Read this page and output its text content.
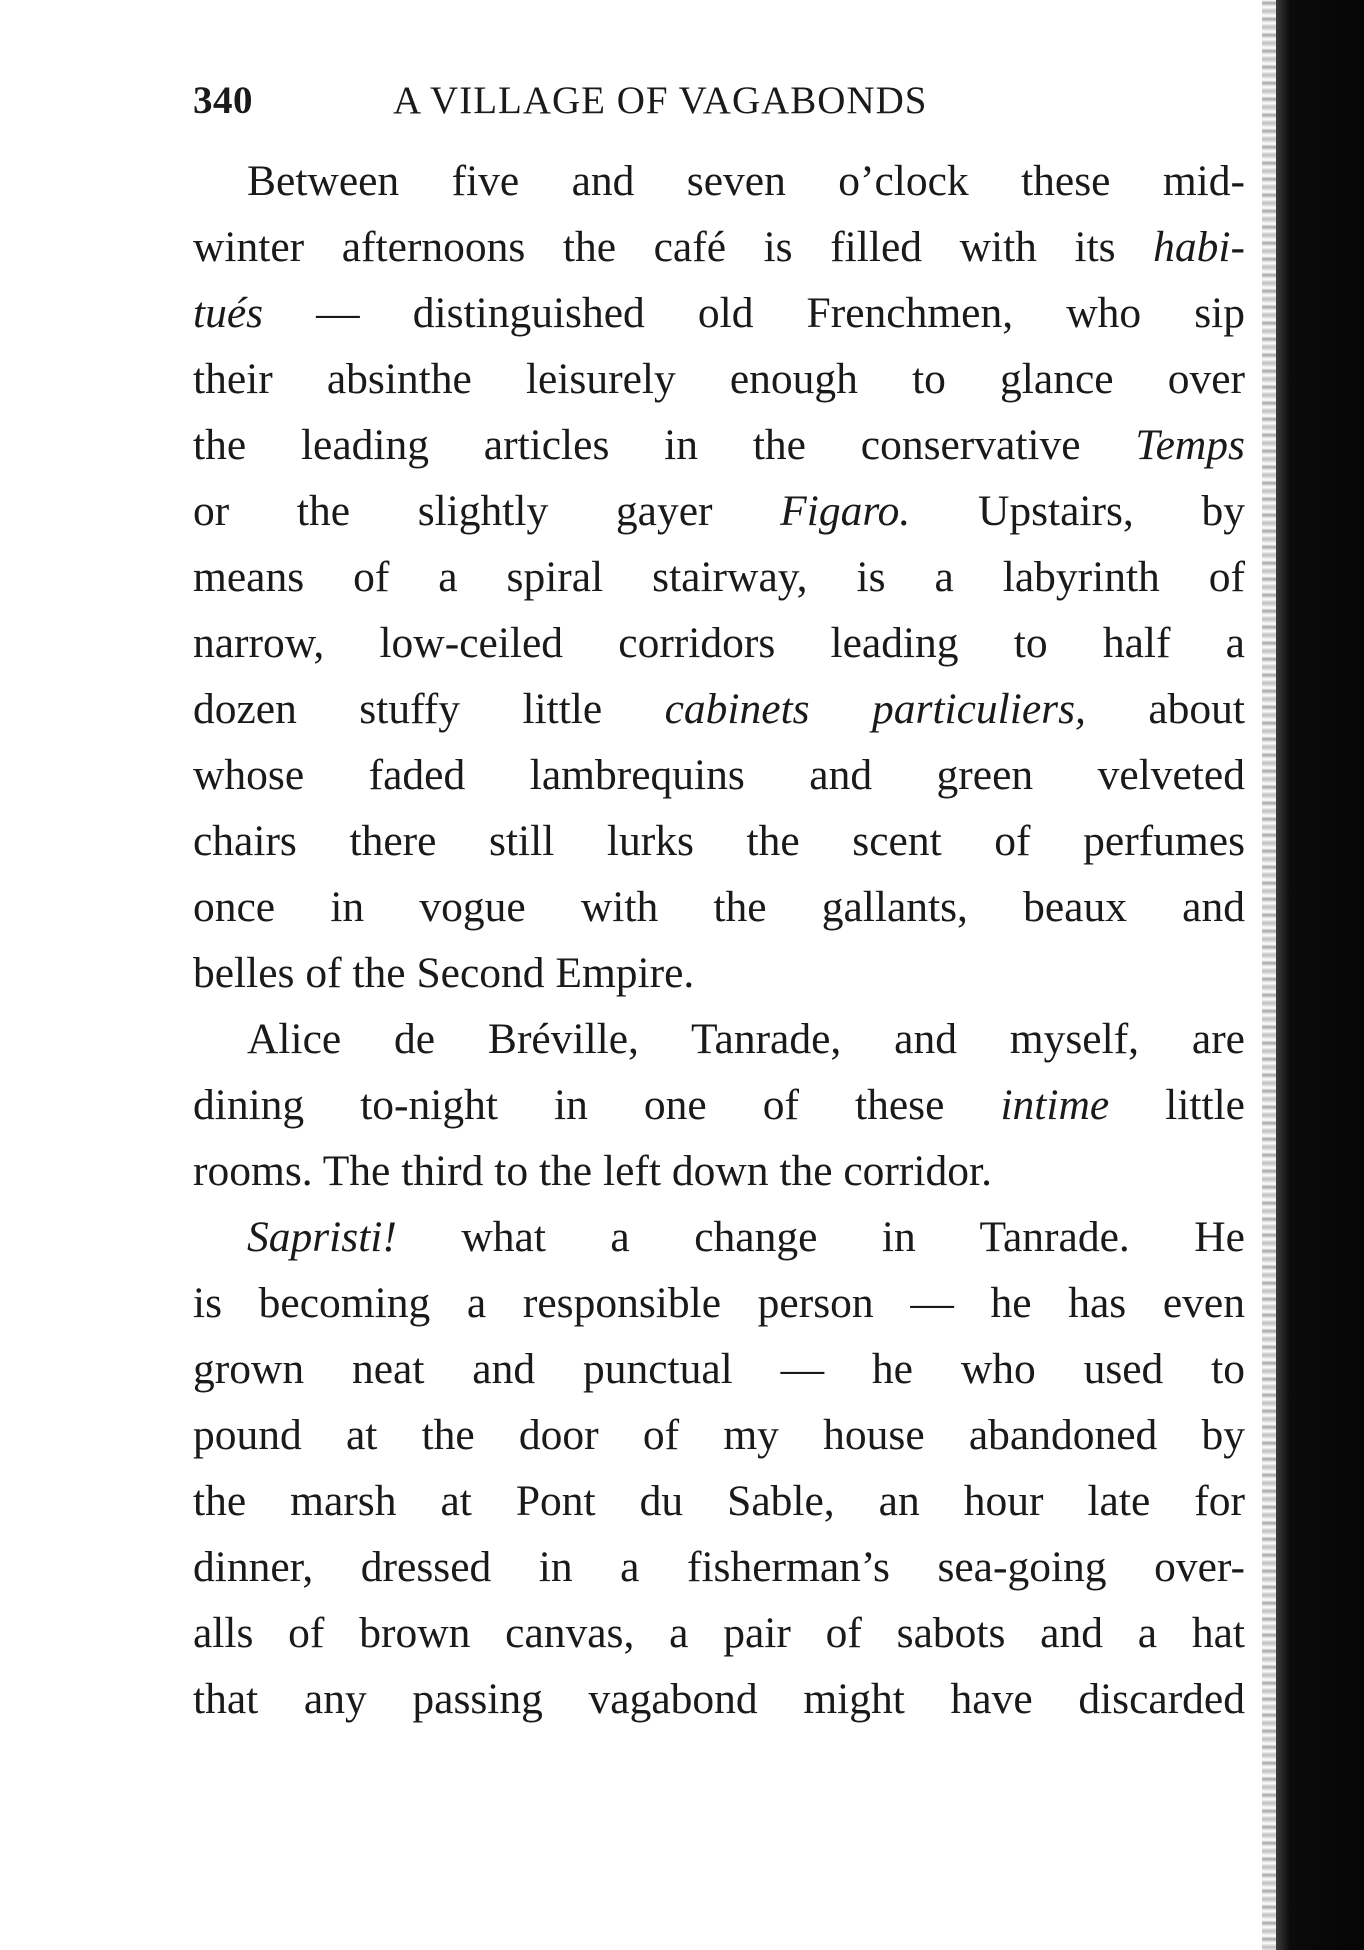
340	A VILLAGE OF VAGABONDS
Between five and seven o’clock these mid-
winter afternoons the café is filled with its habi-
tués — distinguished old Frenchmen, who sip
their absinthe leisurely enough to glance over
the leading articles in the conservative Temps
or the slightly gayer Figaro. Upstairs, by
means of a spiral stairway, is a labyrinth of
narrow, low-ceiled corridors leading to half a
dozen stuffy little cabinets particuliers, about
whose faded lambrequins and green velveted
chairs there still lurks the scent of perfumes
once in vogue with the gallants, beaux and
belles of the Second Empire.
Alice de Bréville, Tanrade, and myself, are
dining to-night in one of these intime little
rooms. The third to the left down the corridor.
Sapristi! what a change in Tanrade. He
is becoming a responsible person — he has even
grown neat and punctual — he who used to
pound at the door of my house abandoned by
the marsh at Pont du Sable, an hour late for
dinner, dressed in a fisherman’s sea-going over-
alls of brown canvas, a pair of sabots and a hat
that any passing vagabond might have discarded
